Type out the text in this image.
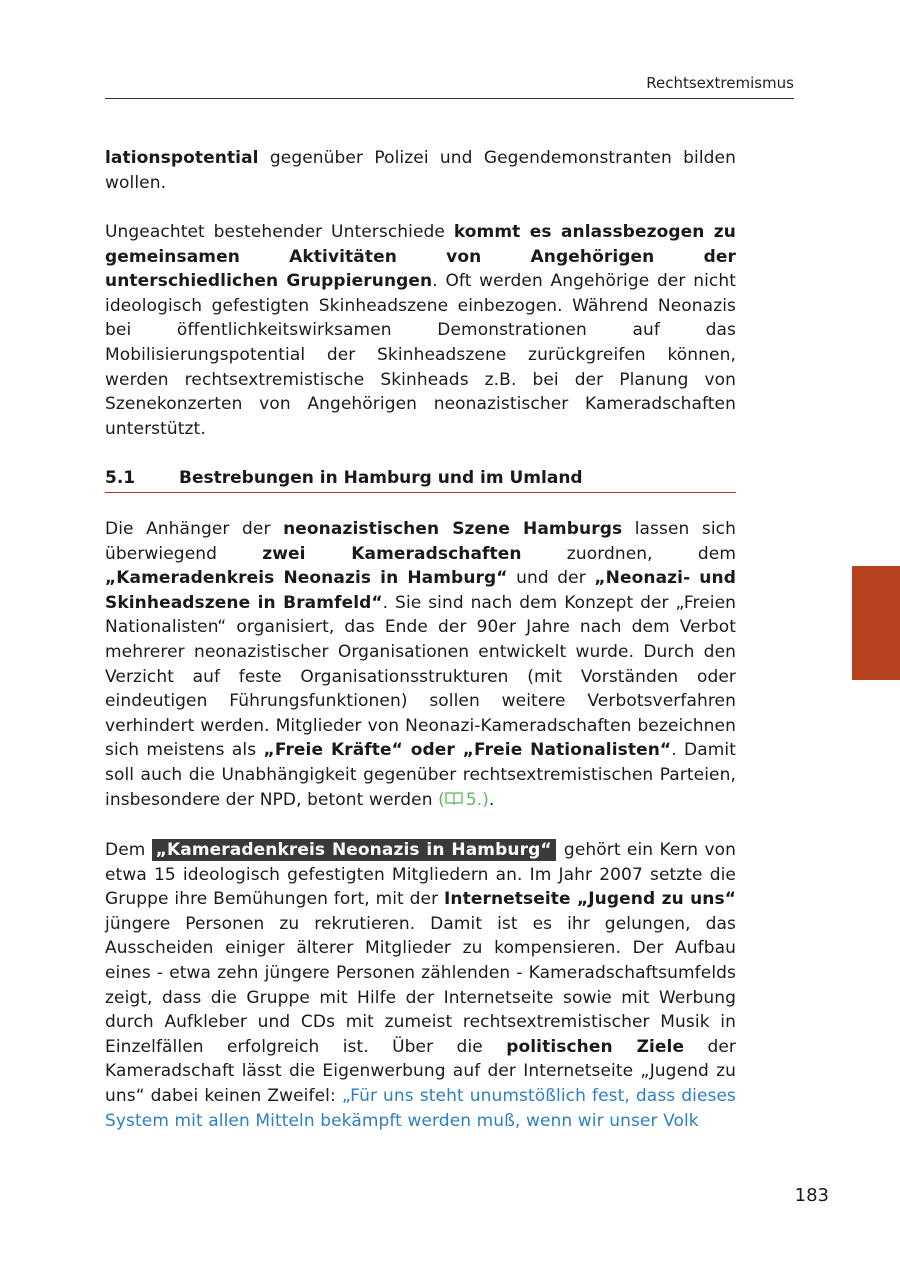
Rechtsextremismus

lationspotential gegenüber Polizei und Gegendemonstranten bilden wollen.

Ungeachtet bestehender Unterschiede kommt es anlassbezogen zu gemeinsamen Aktivitäten von Angehörigen der unterschiedlichen Gruppierungen. Oft werden Angehörige der nicht ideologisch gefestigten Skinheadszene einbezogen. Während Neonazis bei öffentlichkeitswirksamen Demonstrationen auf das Mobilisierungspotential der Skinheadszene zurückgreifen können, werden rechtsextremistische Skinheads z.B. bei der Planung von Szenekonzerten von Angehörigen neonazistischer Kameradschaften unterstützt.

5.1	Bestrebungen in Hamburg und im Umland

Die Anhänger der neonazistischen Szene Hamburgs lassen sich überwiegend zwei Kameradschaften zuordnen, dem „Kameradenkreis Neonazis in Hamburg“ und der „Neonazi- und Skinheadszene in Bramfeld“. Sie sind nach dem Konzept der „Freien Nationalisten“ organisiert, das Ende der 90er Jahre nach dem Verbot mehrerer neonazistischer Organisationen entwickelt wurde. Durch den Verzicht auf feste Organisationsstrukturen (mit Vorständen oder eindeutigen Führungsfunktionen) sollen weitere Verbotsverfahren verhindert werden. Mitglieder von Neonazi-Kameradschaften bezeichnen sich meistens als „Freie Kräfte“ oder „Freie Nationalisten“. Damit soll auch die Unabhängigkeit gegenüber rechtsextremistischen Parteien, insbesondere der NPD, betont werden ( 5.).

Dem „Kameradenkreis Neonazis in Hamburg“ gehört ein Kern von etwa 15 ideologisch gefestigten Mitgliedern an. Im Jahr 2007 setzte die Gruppe ihre Bemühungen fort, mit der Internetseite „Jugend zu uns“ jüngere Personen zu rekrutieren. Damit ist es ihr gelungen, das Ausscheiden einiger älterer Mitglieder zu kompensieren. Der Aufbau eines - etwa zehn jüngere Personen zählenden - Kameradschaftsumfelds zeigt, dass die Gruppe mit Hilfe der Internetseite sowie mit Werbung durch Aufkleber und CDs mit zumeist rechtsextremistischer Musik in Einzelfällen erfolgreich ist. Über die politischen Ziele der Kameradschaft lässt die Eigenwerbung auf der Internetseite „Jugend zu uns“ dabei keinen Zweifel: „Für uns steht unumstößlich fest, dass dieses System mit allen Mitteln bekämpft werden muß, wenn wir unser Volk

183
